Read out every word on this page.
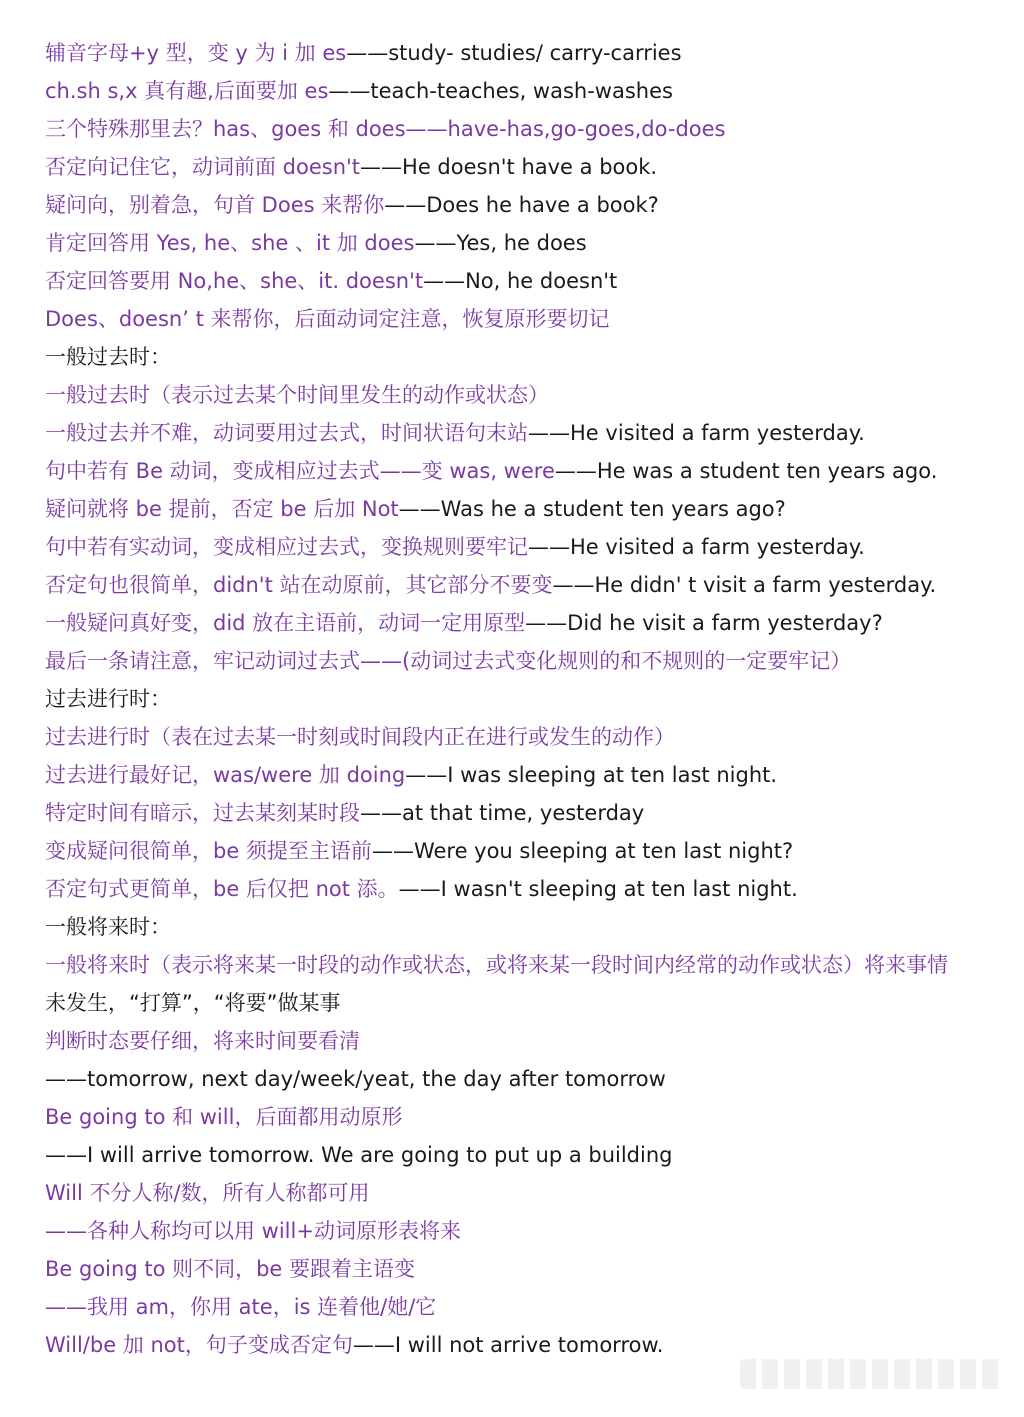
辅音字母+y 型，变 y 为 i 加 es——study- studies/ carry-carries
ch.sh s,x 真有趣,后面要加 es——teach-teaches, wash-washes
三个特殊那里去？has、goes 和 does——have-has,go-goes,do-does
否定向记住它，动词前面 doesn't——He doesn't have a book.
疑问向，别着急，句首 Does 来帮你——Does he have a book?
肯定回答用 Yes, he、she 、it 加 does——Yes, he does
否定回答要用 No,he、she、it. doesn't——No, he doesn't
Does、doesn’ t 来帮你，后面动词定注意，恢复原形要切记
一般过去时：
一般过去时（表示过去某个时间里发生的动作或状态）
一般过去并不难，动词要用过去式，时间状语句末站——He visited a farm yesterday.
句中若有 Be 动词，变成相应过去式——变 was, were——He was a student ten years ago.
疑问就将 be 提前，否定 be 后加 Not——Was he a student ten years ago?
句中若有实动词，变成相应过去式，变换规则要牢记——He visited a farm yesterday.
否定句也很简单，didn't 站在动原前，其它部分不要变——He didn' t visit a farm yesterday.
一般疑问真好变，did 放在主语前，动词一定用原型——Did he visit a farm yesterday?
最后一条请注意，牢记动词过去式——(动词过去式变化规则的和不规则的一定要牢记）
过去进行时：
过去进行时（表在过去某一时刻或时间段内正在进行或发生的动作）
过去进行最好记，was/were 加 doing——I was sleeping at ten last night.
特定时间有暗示，过去某刻某时段——at that time, yesterday
变成疑问很简单，be 须提至主语前——Were you sleeping at ten last night?
否定句式更简单，be 后仅把 not 添。——I wasn't sleeping at ten last night.
一般将来时：
一般将来时（表示将来某一时段的动作或状态，或将来某一段时间内经常的动作或状态）将来事情
未发生，“打算”，“将要”做某事
判断时态要仔细，将来时间要看清
——tomorrow, next day/week/yeat, the day after tomorrow
Be going to 和 will，后面都用动原形
——I will arrive tomorrow. We are going to put up a building
Will 不分人称/数，所有人称都可用
——各种人称均可以用 will+动词原形表将来
Be going to 则不同，be 要跟着主语变
——我用 am，你用 ate，is 连着他/她/它
Will/be 加 not，句子变成否定句——I will not arrive tomorrow.
